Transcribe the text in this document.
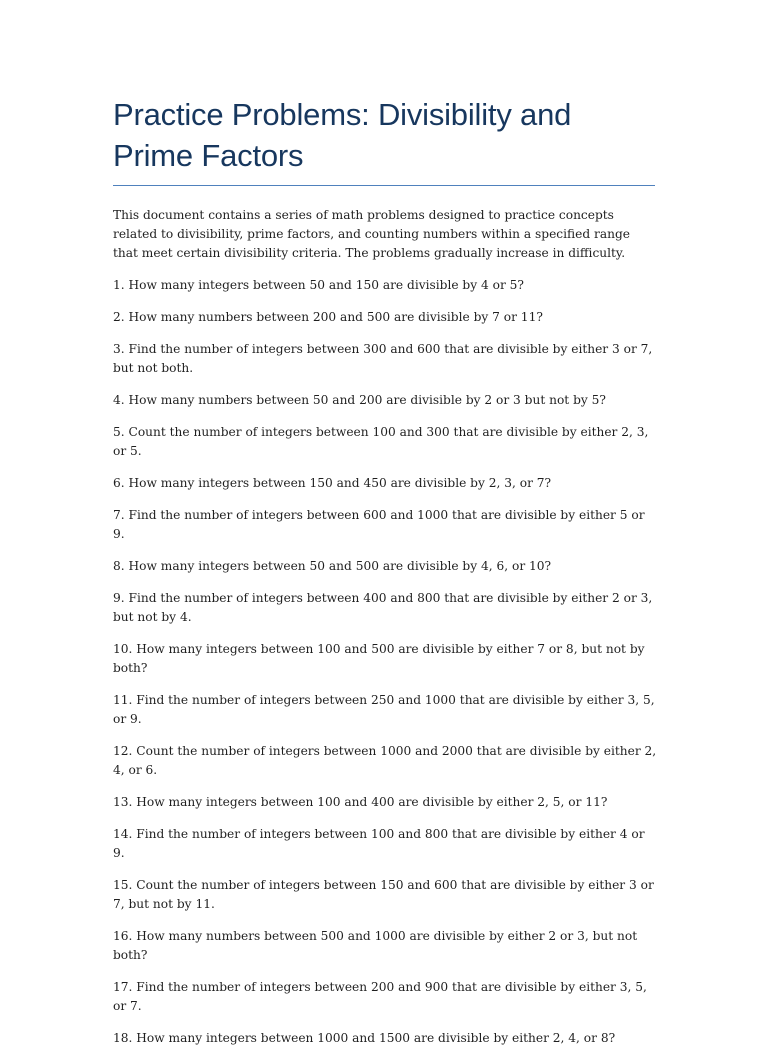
Practice Problems: Divisibility and Prime Factors

This document contains a series of math problems designed to practice concepts related to divisibility, prime factors, and counting numbers within a specified range that meet certain divisibility criteria. The problems gradually increase in difficulty.

1. How many integers between 50 and 150 are divisible by 4 or 5?
2. How many numbers between 200 and 500 are divisible by 7 or 11?
3. Find the number of integers between 300 and 600 that are divisible by either 3 or 7, but not both.
4. How many numbers between 50 and 200 are divisible by 2 or 3 but not by 5?
5. Count the number of integers between 100 and 300 that are divisible by either 2, 3, or 5.
6. How many integers between 150 and 450 are divisible by 2, 3, or 7?
7. Find the number of integers between 600 and 1000 that are divisible by either 5 or 9.
8. How many integers between 50 and 500 are divisible by 4, 6, or 10?
9. Find the number of integers between 400 and 800 that are divisible by either 2 or 3, but not by 4.
10. How many integers between 100 and 500 are divisible by either 7 or 8, but not by both?
11. Find the number of integers between 250 and 1000 that are divisible by either 3, 5, or 9.
12. Count the number of integers between 1000 and 2000 that are divisible by either 2, 4, or 6.
13. How many integers between 100 and 400 are divisible by either 2, 5, or 11?
14. Find the number of integers between 100 and 800 that are divisible by either 4 or 9.
15. Count the number of integers between 150 and 600 that are divisible by either 3 or 7, but not by 11.
16. How many numbers between 500 and 1000 are divisible by either 2 or 3, but not both?
17. Find the number of integers between 200 and 900 that are divisible by either 3, 5, or 7.
18. How many integers between 1000 and 1500 are divisible by either 2, 4, or 8?
